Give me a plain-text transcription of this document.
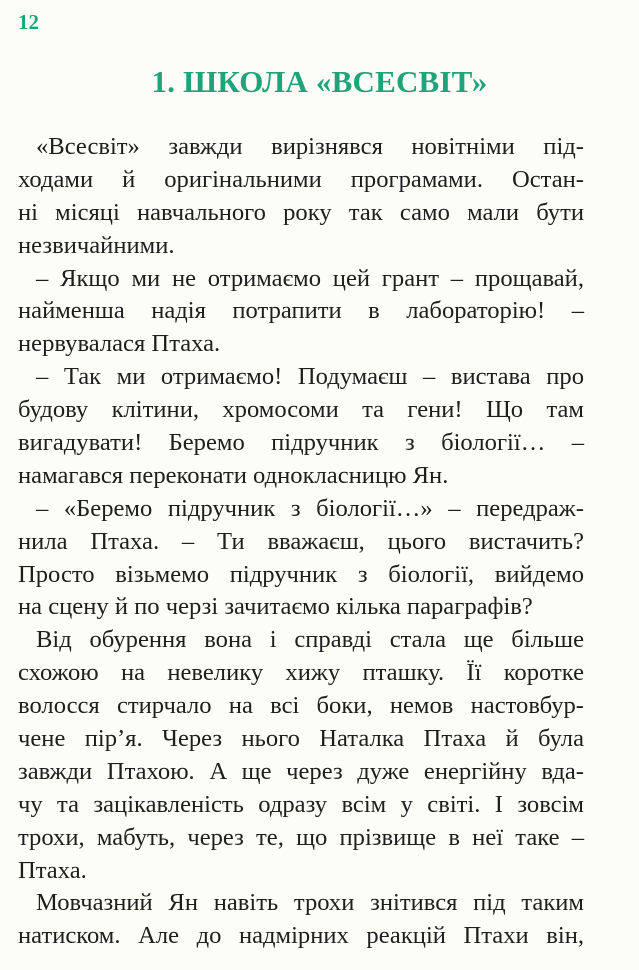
12
1. ШКОЛА «ВСЕСВІТ»
«Всесвіт» завжди вирізнявся новітніми під-
ходами й оригінальними програмами. Остан-
ні місяці навчального року так само мали бути
незвичайними.
– Якщо ми не отримаємо цей грант – прощавай,
найменша надія потрапити в лабораторію! –
нервувалася Птаха.
– Так ми отримаємо! Подумаєш – вистава про
будову клітини, хромосоми та гени! Що там
вигадувати! Беремо підручник з біології… –
намагався переконати однокласницю Ян.
– «Беремо підручник з біології…» – передраж-
нила Птаха. – Ти вважаєш, цього вистачить?
Просто візьмемо підручник з біології, вийдемо
на сцену й по черзі зачитаємо кілька параграфів?
Від обурення вона і справді стала ще більше
схожою на невелику хижу пташку. Її коротке
волосся стирчало на всі боки, немов настовбур-
чене пір’я. Через нього Наталка Птаха й була
завжди Птахою. А ще через дуже енергійну вда-
чу та зацікавленість одразу всім у світі. І зовсім
трохи, мабуть, через те, що прізвище в неї таке –
Птаха.
Мовчазний Ян навіть трохи знітився під таким
натиском. Але до надмірних реакцій Птахи він,
